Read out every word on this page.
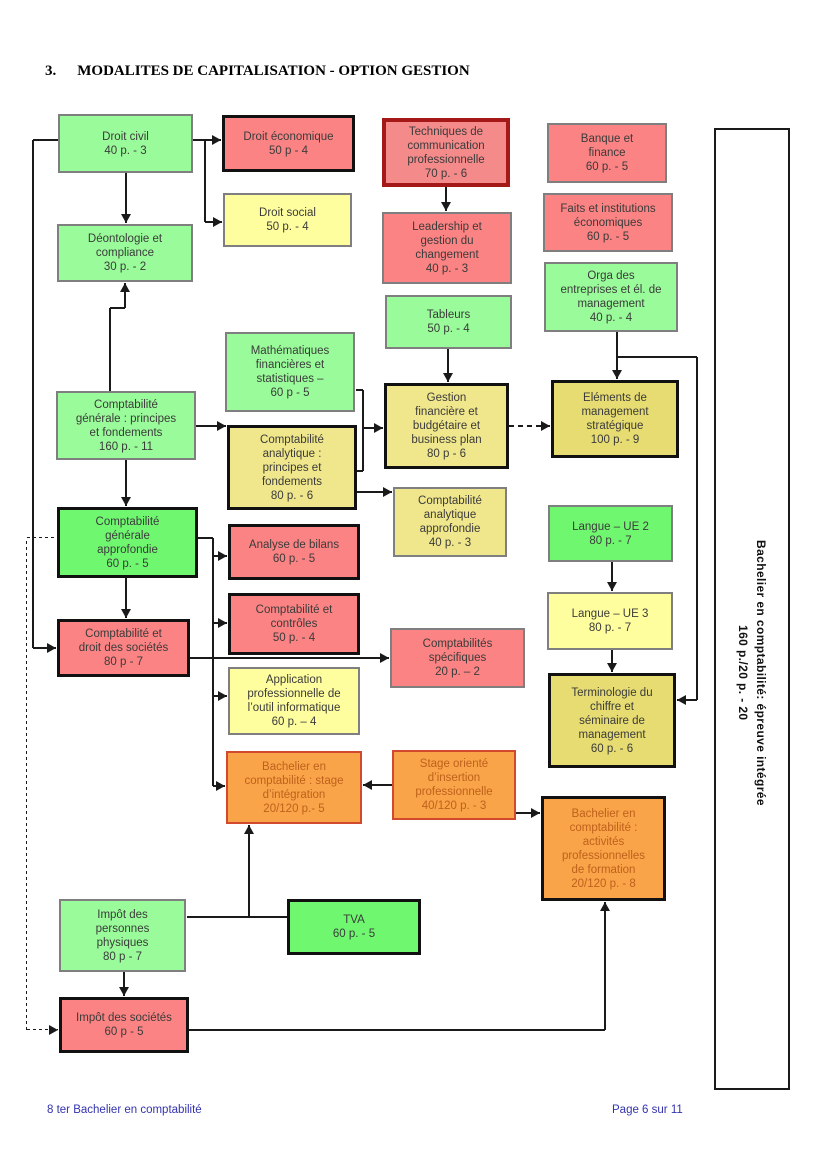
3. MODALITES DE CAPITALISATION - OPTION GESTION
Droit civil
40 p. - 3
Droit économique
50 p - 4
Droit social
50 p. - 4
Techniques de
communication
professionnelle
70 p. - 6
Banque et
finance
60 p. - 5
Faits et institutions
économiques
60 p. - 5
Leadership et
gestion du
changement
40 p. - 3
Déontologie et
compliance
30 p. - 2
Orga des
entreprises et él. de
management
40 p. - 4
Tableurs
50 p. - 4
Mathématiques
financières et
statistiques –
60 p - 5
Comptabilité
générale : principes
et fondements
160 p. - 11
Comptabilité
analytique :
principes et
fondements
80 p. - 6
Gestion
financière et
budgétaire et
business plan
80 p - 6
Eléments de
management
stratégique
100 p. - 9
Comptabilité
analytique
approfondie
40 p. - 3
Langue – UE 2
80 p. - 7
Comptabilité
générale
approfondie
60 p. - 5
Analyse de bilans
60 p. - 5
Comptabilité et
contrôles
50 p. - 4
Langue – UE 3
80 p. - 7
Comptabilité et
droit des sociétés
80 p - 7
Comptabilités
spécifiques
20 p. – 2
Application
professionnelle de
l’outil informatique
60 p. – 4
Terminologie du
chiffre et
séminaire de
management
60 p. - 6
Bachelier en
comptabilité : stage
d’intégration
20/120 p.- 5
Stage orienté
d’insertion
professionnelle
40/120 p. - 3
Bachelier en
comptabilité :
activités
professionnelles
de formation
20/120 p. - 8
Impôt des
personnes
physiques
80 p - 7
TVA
60 p. - 5
Impôt des sociétés
60 p - 5
Bachelier en comptabilité: épreuve intégrée
160 p./20 p. - 20
8 ter Bachelier en comptabilité	Page 6 sur 11
